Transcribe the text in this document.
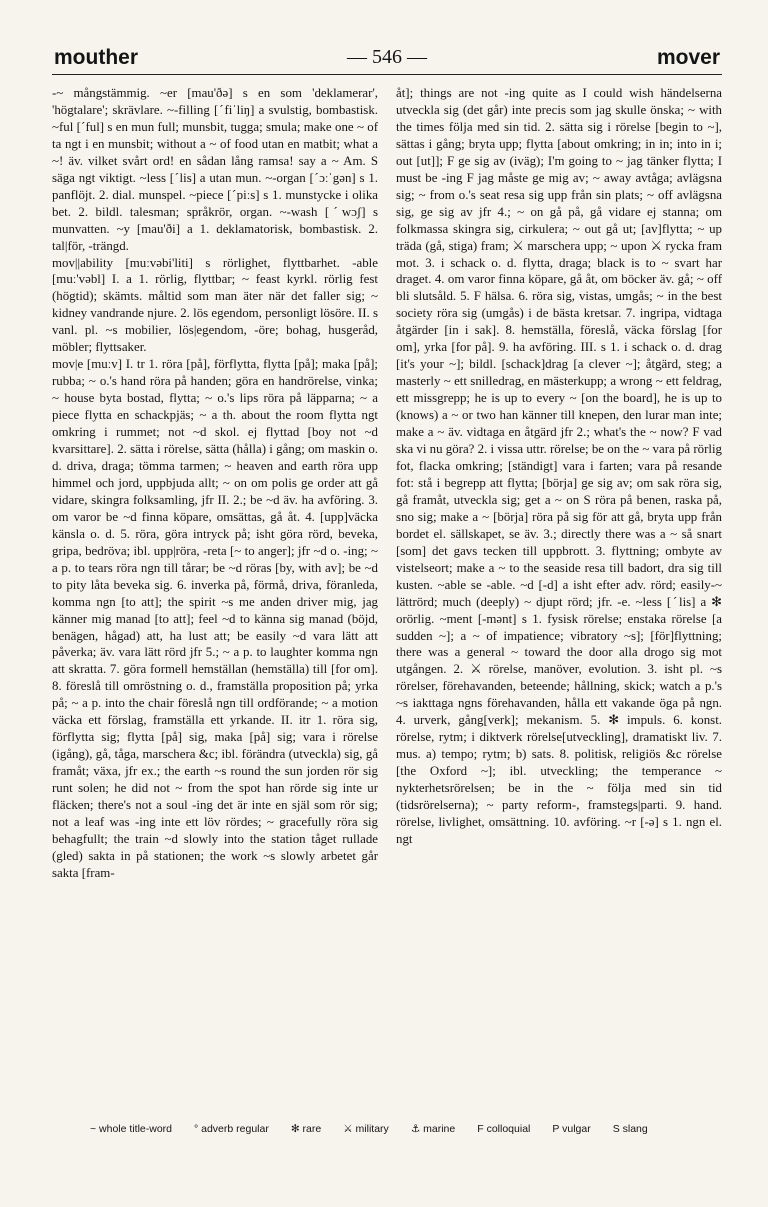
mouther	— 546 —	mover

-~ mångstämmig. ~er [mau'ðə] s en som 'deklamerar', 'högtalare'; skrävlare. ~-filling [ˊfiˈliŋ] a svulstig, bombastisk. ~ful [ˊful] s en mun full; munsbit, tugga; smula; make one ~ of ta ngt i en munsbit; without a ~ of food utan en matbit; what a ~! äv. vilket svårt ord! en sådan lång ramsa! say a ~ Am. S säga ngt viktigt. ~less [ˊlis] a utan mun. ~-organ [ˊɔːˈgən] s 1. panflöjt. 2. dial. munspel. ~piece [ˊpiːs] s 1. munstycke i olika bet. 2. bildl. talesman; språkrör, organ. ~-wash [ˊwɔʃ] s munvatten. ~y [mau'ði] a 1. deklamatorisk, bombastisk. 2. tal|för, -trängd.

mov||ability [muːvəbi'liti] s rörlighet, flyttbarhet. -able [muː'vəbl] I. a 1. rörlig, flyttbar; ~ feast kyrkl. rörlig fest (högtid); skämts. måltid som man äter när det faller sig; ~ kidney vandrande njure. 2. lös egendom, personligt lösöre. II. s vanl. pl. ~s mobilier, lös|egendom, -öre; bohag, husgeråd, möbler; flyttsaker.

mov|e [muːv] I. tr 1. röra [på], förflytta, flytta [på]; maka [på]; rubba; ~ o.'s hand röra på handen; göra en handrörelse, vinka; ~ house byta bostad, flytta; ~ o.'s lips röra på läpparna; ~ a piece flytta en schackpjäs; ~ a th. about the room flytta ngt omkring i rummet; not ~d skol. ej flyttad [boy not ~d kvarsittare]. 2. sätta i rörelse, sätta (hålla) i gång; om maskin o. d. driva, draga; tömma tarmen; ~ heaven and earth röra upp himmel och jord, uppbjuda allt; ~ on om polis ge order att gå vidare, skingra folksamling, jfr II. 2.; be ~d äv. ha avföring. 3. om varor be ~d finna köpare, omsättas, gå åt. 4. [upp]väcka känsla o. d. 5. röra, göra intryck på; isht göra rörd, beveka, gripa, bedröva; ibl. upp|röra, -reta [~ to anger]; jfr ~d o. -ing; ~ a p. to tears röra ngn till tårar; be ~d röras [by, with av]; be ~d to pity låta beveka sig. 6. inverka på, förmå, driva, föranleda, komma ngn [to att]; the spirit ~s me anden driver mig, jag känner mig manad [to att]; feel ~d to känna sig manad (böjd, benägen, hågad) att, ha lust att; be easily ~d vara lätt att påverka; äv. vara lätt rörd jfr 5.; ~ a p. to laughter komma ngn att skratta. 7. göra formell hemställan (hemställa) till [for om]. 8. föreslå till omröstning o. d., framställa proposition på; yrka på; ~ a p. into the chair föreslå ngn till ordförande; ~ a motion väcka ett förslag, framställa ett yrkande. II. itr 1. röra sig, förflytta sig; flytta [på] sig, maka [på] sig; vara i rörelse (igång), gå, tåga, marschera &c; ibl. förändra (utveckla) sig, gå framåt; växa, jfr ex.; the earth ~s round the sun jorden rör sig runt solen; he did not ~ from the spot han rörde sig inte ur fläcken; there's not a soul -ing det är inte en själ som rör sig; not a leaf was -ing inte ett löv rördes; ~ gracefully röra sig behagfullt; the train ~d slowly into the station tåget rullade (gled) sakta in på stationen; the work ~s slowly arbetet går sakta [fram-

åt]; things are not -ing quite as I could wish händelserna utveckla sig (det går) inte precis som jag skulle önska; ~ with the times följa med sin tid. 2. sätta sig i rörelse [begin to ~], sättas i gång; bryta upp; flytta [about omkring; in in; into in i; out [ut]]; F ge sig av (iväg); I'm going to ~ jag tänker flytta; I must be -ing F jag måste ge mig av; ~ away avtåga; avlägsna sig; ~ from o.'s seat resa sig upp från sin plats; ~ off avlägsna sig, ge sig av jfr 4.; ~ on gå på, gå vidare ej stanna; om folkmassa skingra sig, cirkulera; ~ out gå ut; [av]flytta; ~ up träda (gå, stiga) fram; ⚔ marschera upp; ~ upon ⚔ rycka fram mot. 3. i schack o. d. flytta, draga; black is to ~ svart har draget. 4. om varor finna köpare, gå åt, om böcker äv. gå; ~ off bli slutsåld. 5. F hälsa. 6. röra sig, vistas, umgås; ~ in the best society röra sig (umgås) i de bästa kretsar. 7. ingripa, vidtaga åtgärder [in i sak]. 8. hemställa, föreslå, väcka förslag [for om], yrka [for på]. 9. ha avföring. III. s 1. i schack o. d. drag [it's your ~]; bildl. [schack]drag [a clever ~]; åtgärd, steg; a masterly ~ ett snilledrag, en mästerkupp; a wrong ~ ett feldrag, ett missgrepp; he is up to every ~ [on the board], he is up to (knows) a ~ or two han känner till knepen, den lurar man inte; make a ~ äv. vidtaga en åtgärd jfr 2.; what's the ~ now? F vad ska vi nu göra? 2. i vissa uttr. rörelse; be on the ~ vara på rörlig fot, flacka omkring; [ständigt] vara i farten; vara på resande fot: stå i begrepp att flytta; [börja] ge sig av; om sak röra sig, gå framåt, utveckla sig; get a ~ on S röra på benen, raska på, sno sig; make a ~ [börja] röra på sig för att gå, bryta upp från bordet el. sällskapet, se äv. 3.; directly there was a ~ så snart [som] det gavs tecken till uppbrott. 3. flyttning; ombyte av vistelseort; make a ~ to the seaside resa till badort, dra sig till kusten. ~able se -able. ~d [-d] a isht efter adv. rörd; easily-~ lättrörd; much (deeply) ~ djupt rörd; jfr. -e. ~less [ˊlis] a ✻ orörlig. ~ment [-mənt] s 1. fysisk rörelse; enstaka rörelse [a sudden ~]; a ~ of impatience; vibratory ~s]; [för]flyttning; there was a general ~ toward the door alla drogo sig mot utgången. 2. ⚔ rörelse, manöver, evolution. 3. isht pl. ~s rörelser, förehavanden, beteende; hållning, skick; watch a p.'s ~s iakttaga ngns förehavanden, hålla ett vakande öga på ngn. 4. urverk, gång[verk]; mekanism. 5. ✻ impuls. 6. konst. rörelse, rytm; i diktverk rörelse[utveckling], dramatiskt liv. 7. mus. a) tempo; rytm; b) sats. 8. politisk, religiös &c rörelse [the Oxford ~]; ibl. utveckling; the temperance ~ nykterhetsrörelsen; be in the ~ följa med sin tid (tidsrörelserna); ~ party reform-, framstegs|parti. 9. hand. rörelse, livlighet, omsättning. 10. avföring. ~r [-ə] s 1. ngn el. ngt

~ whole title-word ° adverb regular ✻ rare ⚔ military ⚓ marine F colloquial P vulgar S slang
